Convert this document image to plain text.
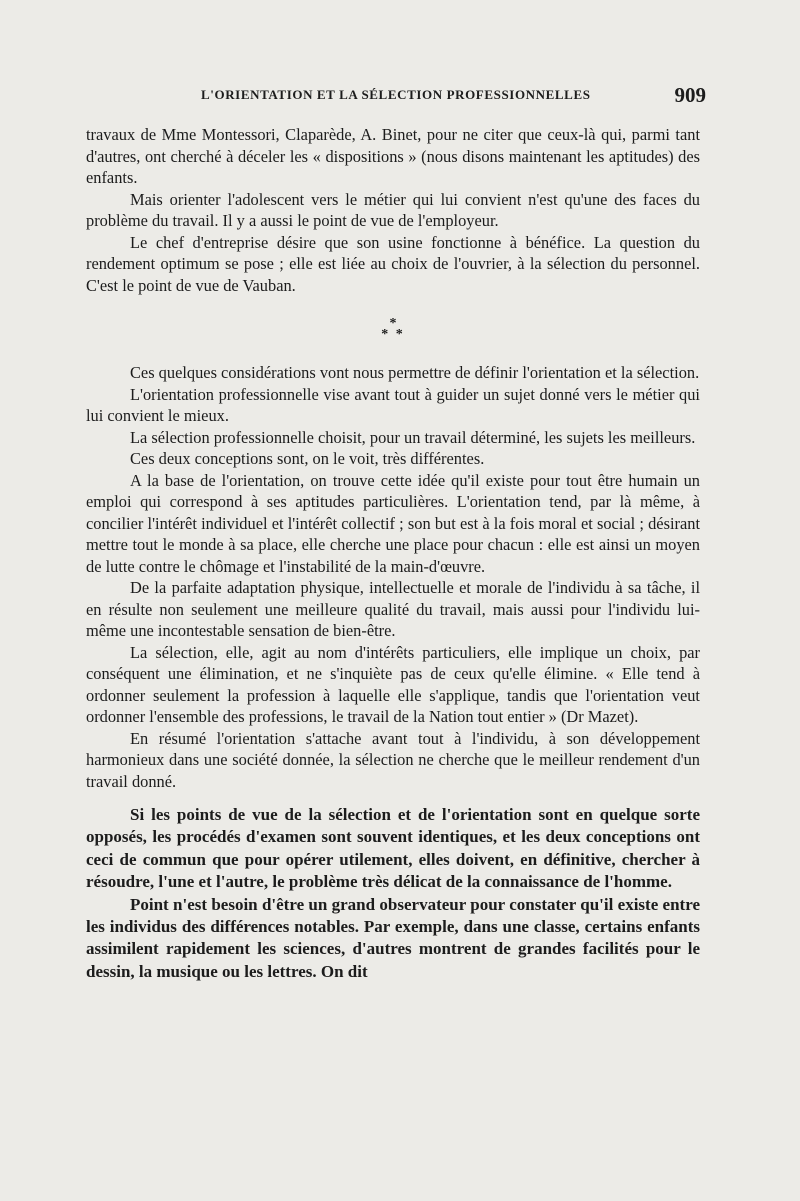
L'ORIENTATION ET LA SÉLECTION PROFESSIONNELLES	909

travaux de Mme Montessori, Claparède, A. Binet, pour ne citer que ceux-là qui, parmi tant d'autres, ont cherché à déceler les « dispositions » (nous disons maintenant les aptitudes) des enfants.

Mais orienter l'adolescent vers le métier qui lui convient n'est qu'une des faces du problème du travail. Il y a aussi le point de vue de l'employeur.

Le chef d'entreprise désire que son usine fonctionne à bénéfice. La question du rendement optimum se pose ; elle est liée au choix de l'ouvrier, à la sélection du personnel. C'est le point de vue de Vauban.

*
* *

Ces quelques considérations vont nous permettre de définir l'orientation et la sélection.

L'orientation professionnelle vise avant tout à guider un sujet donné vers le métier qui lui convient le mieux.

La sélection professionnelle choisit, pour un travail déterminé, les sujets les meilleurs.

Ces deux conceptions sont, on le voit, très différentes.

A la base de l'orientation, on trouve cette idée qu'il existe pour tout être humain un emploi qui correspond à ses aptitudes particulières. L'orientation tend, par là même, à concilier l'intérêt individuel et l'intérêt collectif ; son but est à la fois moral et social ; désirant mettre tout le monde à sa place, elle cherche une place pour chacun : elle est ainsi un moyen de lutte contre le chômage et l'instabilité de la main-d'œuvre.

De la parfaite adaptation physique, intellectuelle et morale de l'individu à sa tâche, il en résulte non seulement une meilleure qualité du travail, mais aussi pour l'individu lui-même une incontestable sensation de bien-être.

La sélection, elle, agit au nom d'intérêts particuliers, elle implique un choix, par conséquent une élimination, et ne s'inquiète pas de ceux qu'elle élimine. « Elle tend à ordonner seulement la profession à laquelle elle s'applique, tandis que l'orientation veut ordonner l'ensemble des professions, le travail de la Nation tout entier » (Dr Mazet).

En résumé l'orientation s'attache avant tout à l'individu, à son développement harmonieux dans une société donnée, la sélection ne cherche que le meilleur rendement d'un travail donné.

Si les points de vue de la sélection et de l'orientation sont en quelque sorte opposés, les procédés d'examen sont souvent identiques, et les deux conceptions ont ceci de commun que pour opérer utilement, elles doivent, en définitive, chercher à résoudre, l'une et l'autre, le problème très délicat de la connaissance de l'homme.

Point n'est besoin d'être un grand observateur pour constater qu'il existe entre les individus des différences notables. Par exemple, dans une classe, certains enfants assimilent rapidement les sciences, d'autres montrent de grandes facilités pour le dessin, la musique ou les lettres. On dit
